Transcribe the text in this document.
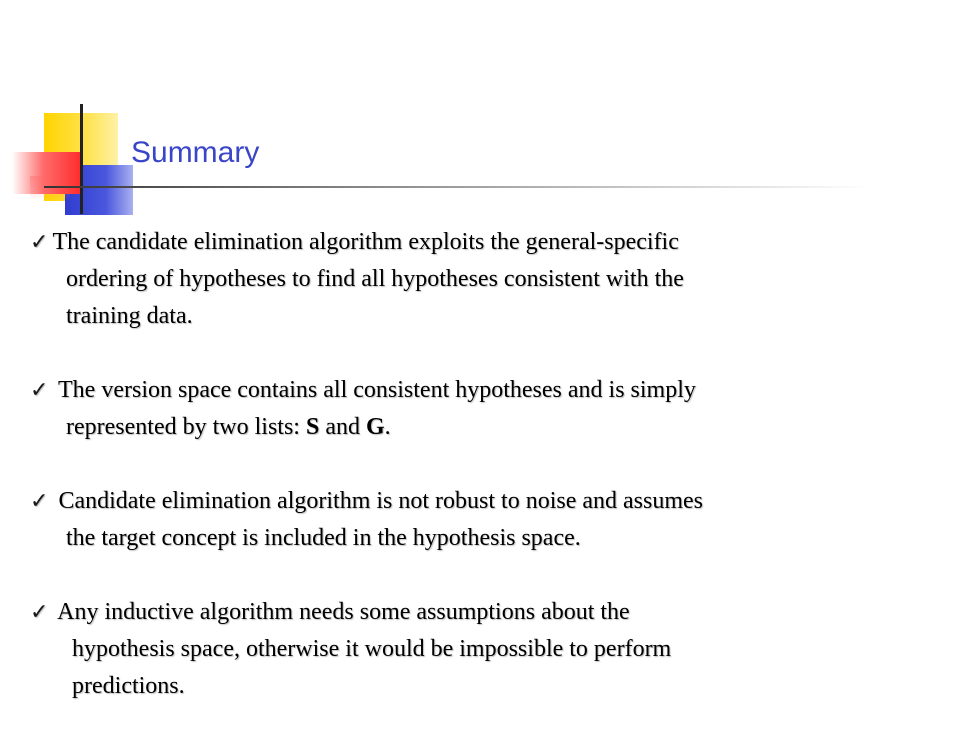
Summary
✓ The candidate elimination algorithm exploits the general-specific
ordering of hypotheses to find all hypotheses consistent with the
training data.
✓ The version space contains all consistent hypotheses and is simply
represented by two lists: S and G.
✓ Candidate elimination algorithm is not robust to noise and assumes
the target concept is included in the hypothesis space.
✓ Any inductive algorithm needs some assumptions about the
hypothesis space, otherwise it would be impossible to perform
predictions.
